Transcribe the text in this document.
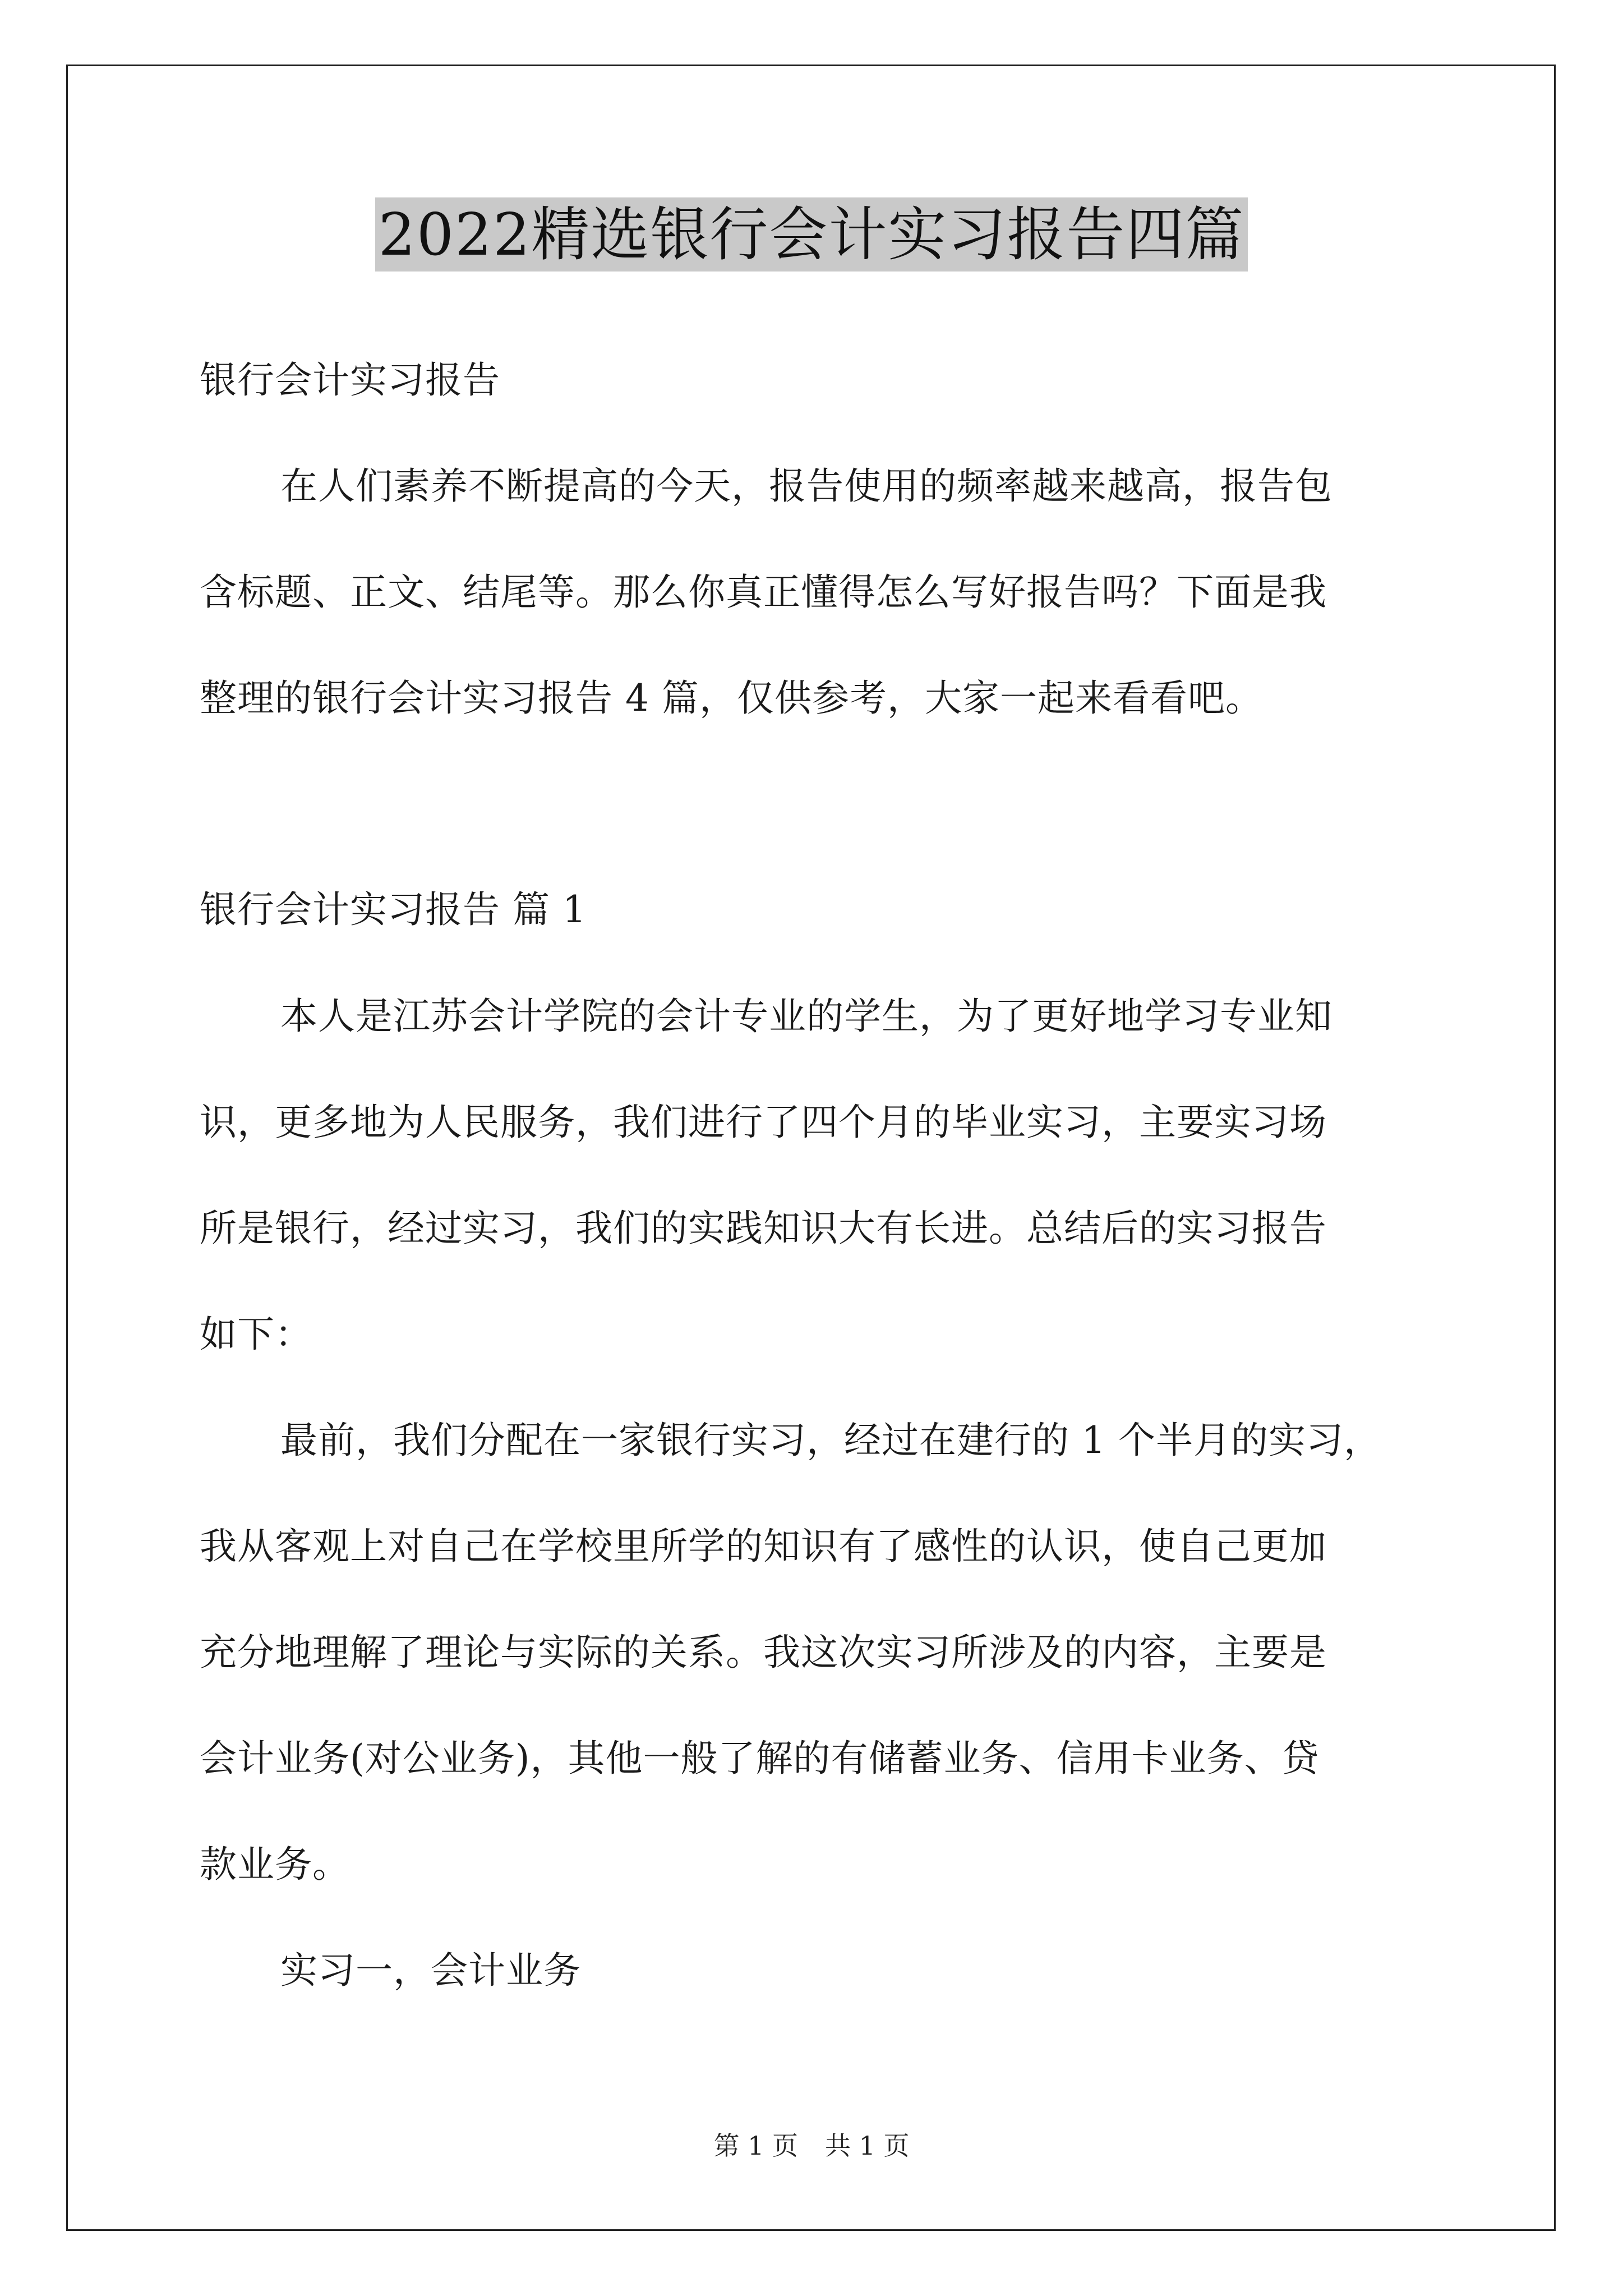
2022精选银行会计实习报告四篇
银行会计实习报告
在人们素养不断提高的今天，报告使用的频率越来越高，报告包
含标题、正文、结尾等。那么你真正懂得怎么写好报告吗？下面是我
整理的银行会计实习报告 4 篇，仅供参考，大家一起来看看吧。
银行会计实习报告 篇 1
本人是江苏会计学院的会计专业的学生，为了更好地学习专业知
识，更多地为人民服务，我们进行了四个月的毕业实习，主要实习场
所是银行，经过实习，我们的实践知识大有长进。总结后的实习报告
如下：
最前，我们分配在一家银行实习，经过在建行的 1 个半月的实习，
我从客观上对自己在学校里所学的知识有了感性的认识，使自己更加
充分地理解了理论与实际的关系。我这次实习所涉及的内容，主要是
会计业务(对公业务)，其他一般了解的有储蓄业务、信用卡业务、贷
款业务。
实习一，会计业务
第 1 页 共 1 页
